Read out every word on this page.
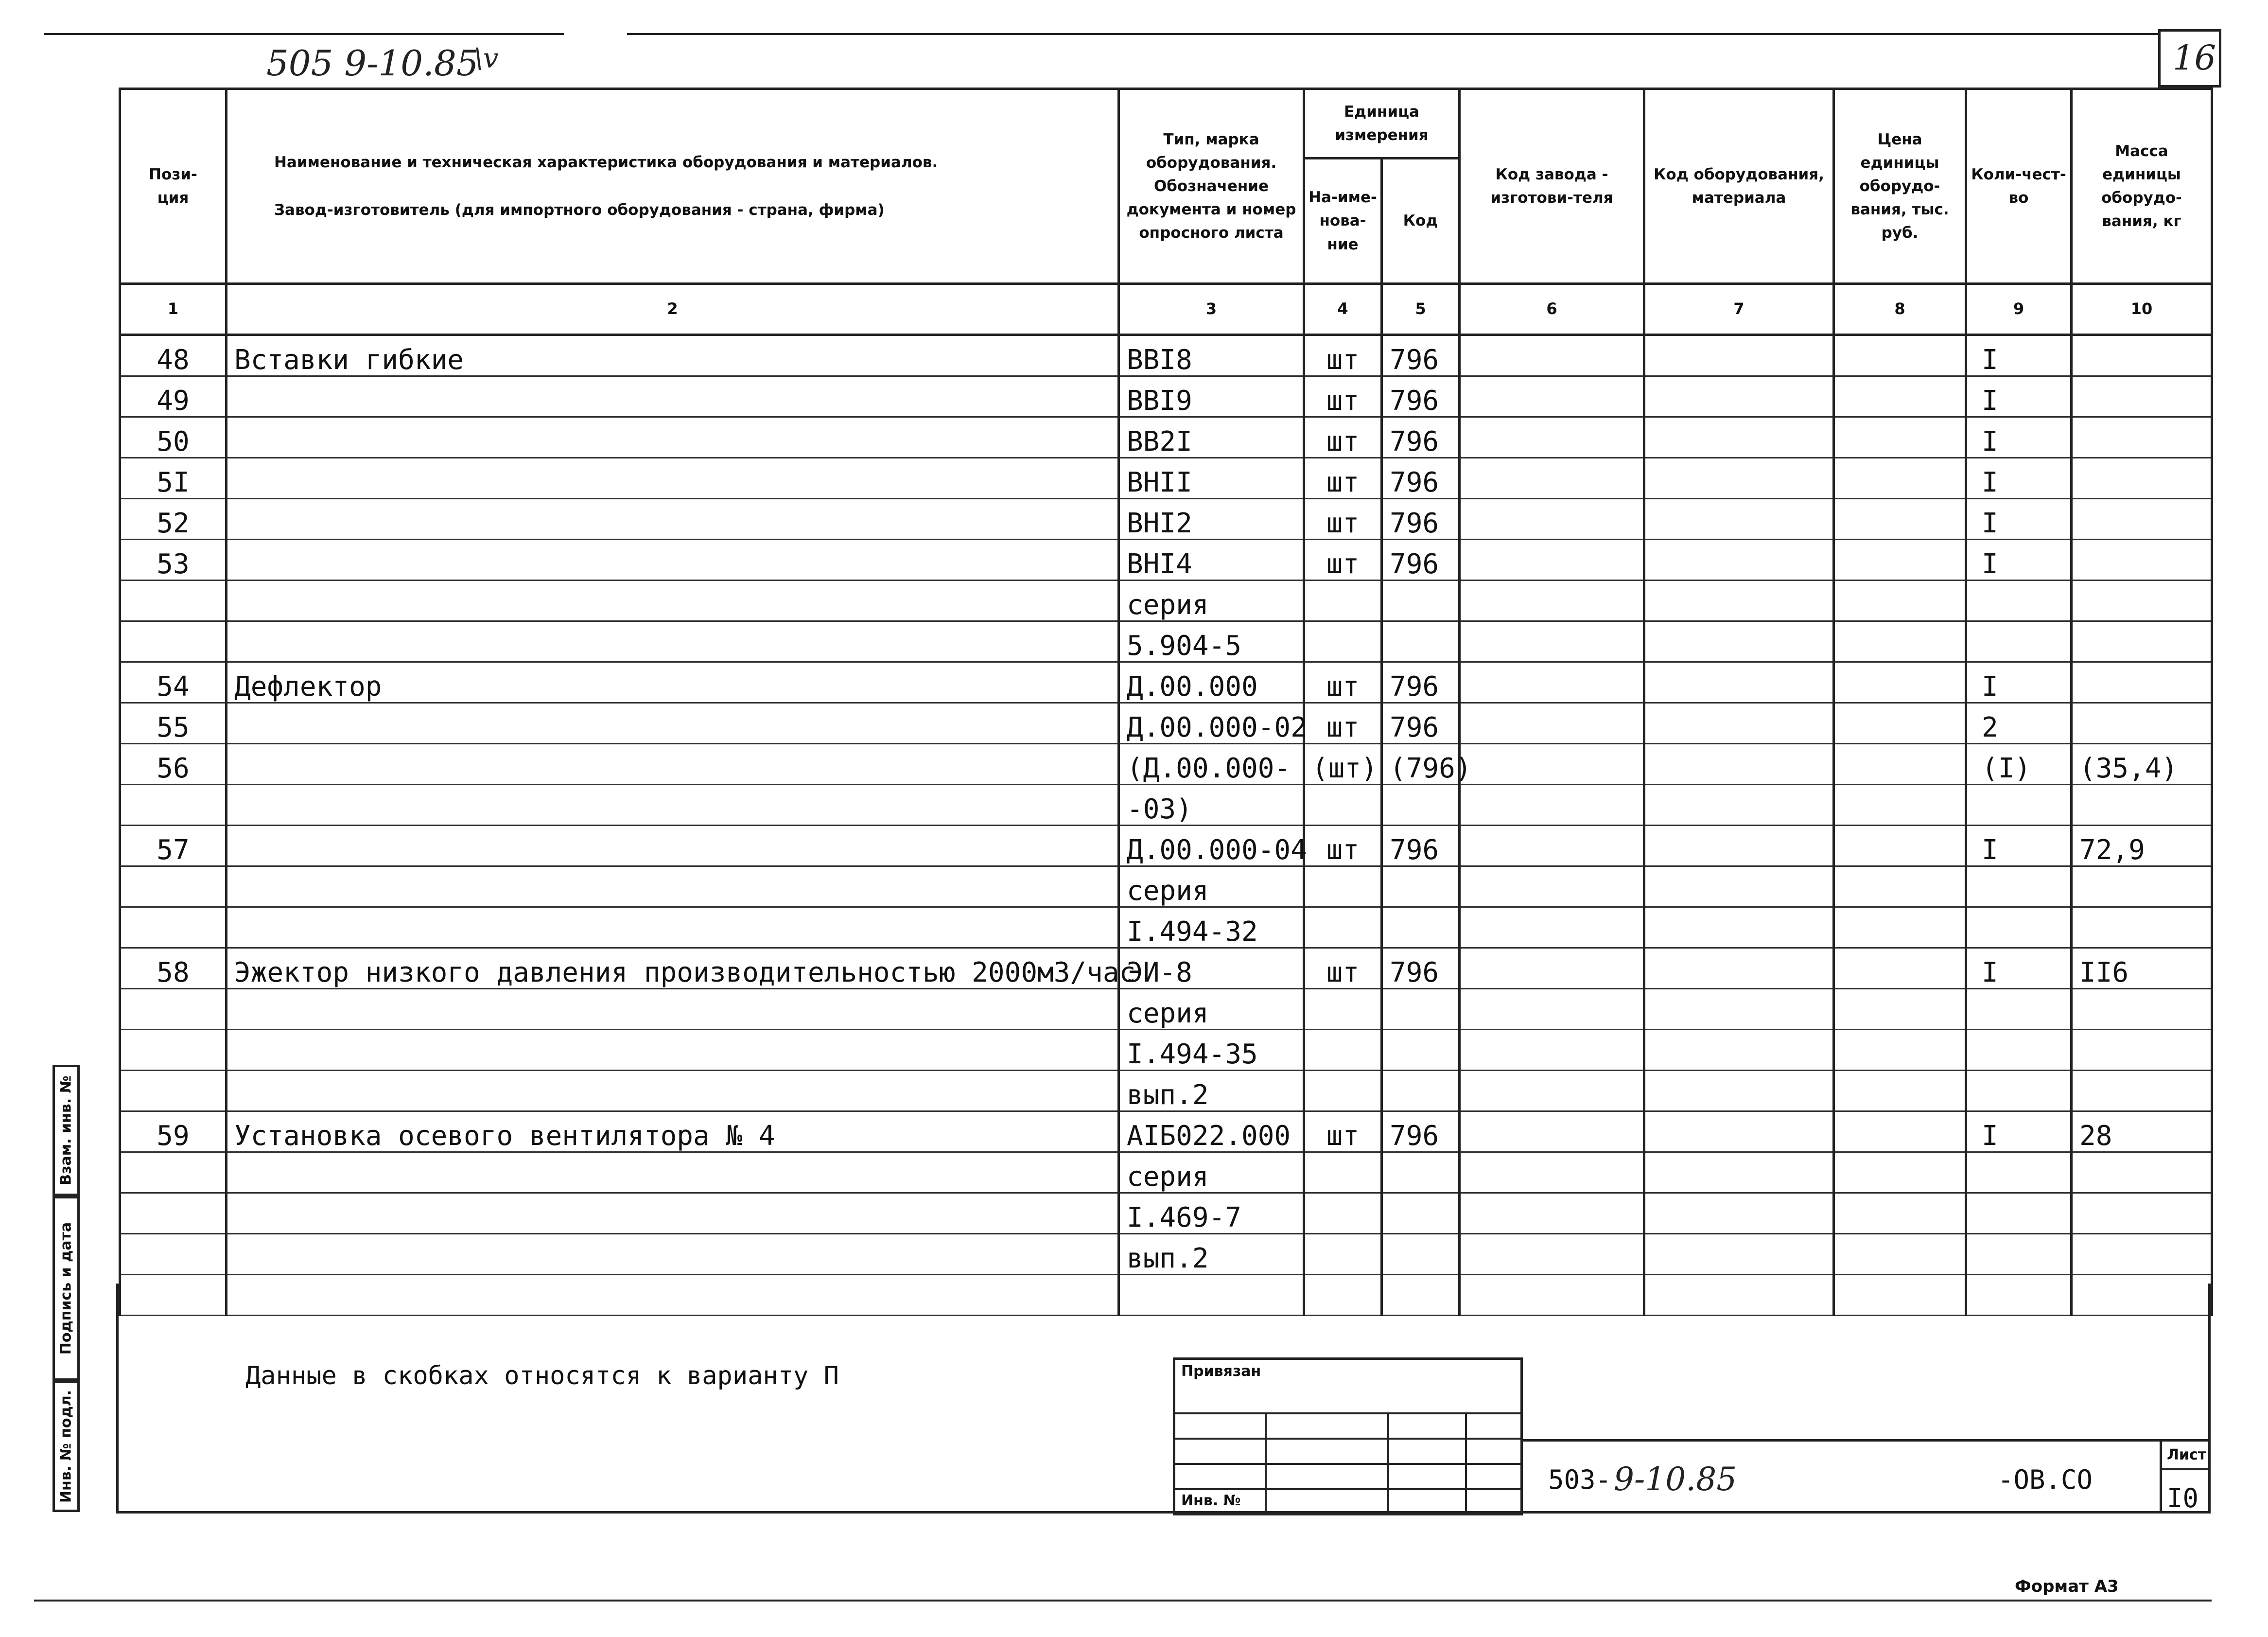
505 9-10.85
\v	16
Пози-
ция	Наименование и техническая характеристика оборудования и материалов.
Завод-изготовитель (для импортного оборудования - страна, фирма)	Тип, марка оборудования. Обозначение документа и номер опросного листа	Единица измерения		Код завода - изготови-теля	Код оборудования, материала	Цена единицы оборудо-вания, тыс. руб.	Коли-чест-во	Масса единицы оборудо-вания, кг
			На-име-нова-ние	Код					
1	2	3	4	5	6	7	8	9	10
48	Вставки гибкие	ВВI8	шт	796				I	
49		ВВI9	шт	796				I	
50		ВВ2I	шт	796				I	
5I		ВНII	шт	796				I	
52		ВНI2	шт	796				I	
53		ВНI4	шт	796				I	
		серия							
		5.904-5							
54	Дефлектор	Д.00.000	шт	796				I	
55		Д.00.000-02	шт	796				2	
56		(Д.00.000-	(шт)	(796)				(I)	(35,4)
		-03)							
57		Д.00.000-04	шт	796				I	72,9
		серия							
		I.494-32							
58	Эжектор низкого давления производительностью 2000м3/час	ЭИ-8	шт	796				I	II6
		серия							
		I.494-35							
		вып.2							
59	Установка осевого вентилятора № 4	АIБ022.000	шт	796				I	28
		серия							
		I.469-7							
		вып.2							

Взам. инв. №
Подпись и дата
Инв. № подл.
Данные в скобках относятся к варианту П	Привязан
Инв. №
503- 9-10.85	-ОВ.СО
Лист
I0
Формат А3
